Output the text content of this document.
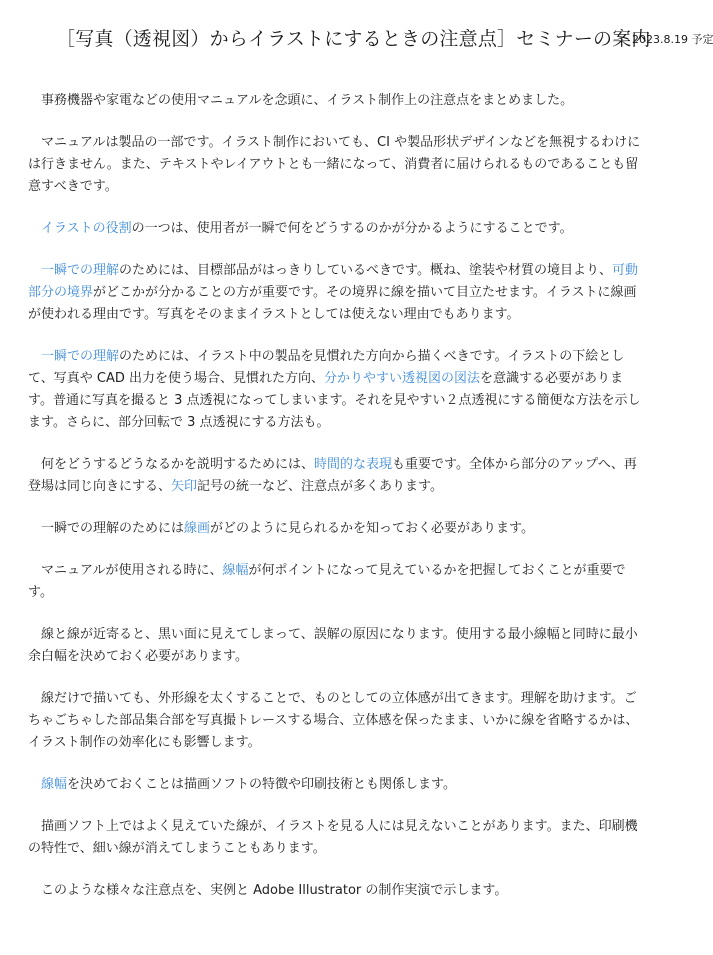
［写真（透視図）からイラストにするときの注意点］セミナーの案内
2023.8.19 予定

事務機器や家電などの使用マニュアルを念頭に、イラスト制作上の注意点をまとめました。

マニュアルは製品の一部です。イラスト制作においても、CI や製品形状デザインなどを無視するわけには行きません。また、テキストやレイアウトとも一緒になって、消費者に届けられるものであることも留意すべきです。

イラストの役割の一つは、使用者が一瞬で何をどうするのかが分かるようにすることです。

一瞬での理解のためには、目標部品がはっきりしているべきです。概ね、塗装や材質の境目より、可動部分の境界がどこかが分かることの方が重要です。その境界に線を描いて目立たせます。イラストに線画が使われる理由です。写真をそのままイラストとしては使えない理由でもあります。

一瞬での理解のためには、イラスト中の製品を見慣れた方向から描くべきです。イラストの下絵として、写真や CAD 出力を使う場合、見慣れた方向、分かりやすい透視図の図法を意識する必要があります。普通に写真を撮ると 3 点透視になってしまいます。それを見やすい２点透視にする簡便な方法を示します。さらに、部分回転で 3 点透視にする方法も。

何をどうするどうなるかを説明するためには、時間的な表現も重要です。全体から部分のアップへ、再登場は同じ向きにする、矢印記号の統一など、注意点が多くあります。

一瞬での理解のためには線画がどのように見られるかを知っておく必要があります。

マニュアルが使用される時に、線幅が何ポイントになって見えているかを把握しておくことが重要です。

線と線が近寄ると、黒い面に見えてしまって、誤解の原因になります。使用する最小線幅と同時に最小余白幅を決めておく必要があります。

線だけで描いても、外形線を太くすることで、ものとしての立体感が出てきます。理解を助けます。ごちゃごちゃした部品集合部を写真撮トレースする場合、立体感を保ったまま、いかに線を省略するかは、イラスト制作の効率化にも影響します。

線幅を決めておくことは描画ソフトの特徴や印刷技術とも関係します。

描画ソフト上ではよく見えていた線が、イラストを見る人には見えないことがあります。また、印刷機の特性で、細い線が消えてしまうこともあります。

このような様々な注意点を、実例と Adobe Illustrator の制作実演で示します。
